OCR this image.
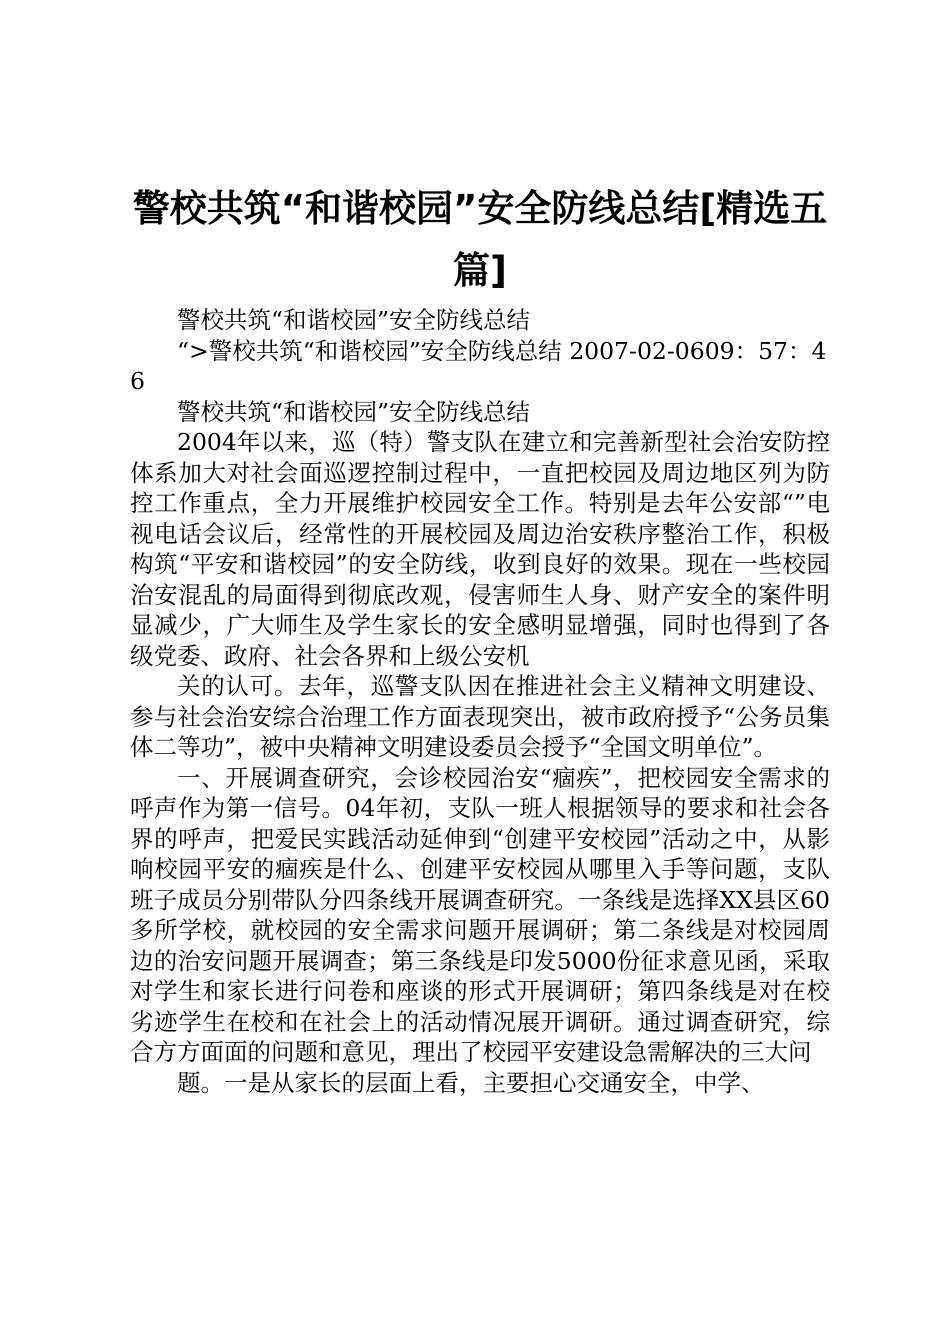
警校共筑“和谐校园”安全防线总结[精选五篇]

警校共筑“和谐校园”安全防线总结

“>警校共筑“和谐校园”安全防线总结 2007-02-0609：57：46

警校共筑“和谐校园”安全防线总结

2004年以来，巡（特）警支队在建立和完善新型社会治安防控体系加大对社会面巡逻控制过程中，一直把校园及周边地区列为防控工作重点，全力开展维护校园安全工作。特别是去年公安部“”电视电话会议后，经常性的开展校园及周边治安秩序整治工作，积极构筑“平安和谐校园”的安全防线，收到良好的效果。现在一些校园治安混乱的局面得到彻底改观，侵害师生人身、财产安全的案件明显减少，广大师生及学生家长的安全感明显增强，同时也得到了各级党委、政府、社会各界和上级公安机

关的认可。去年，巡警支队因在推进社会主义精神文明建设、参与社会治安综合治理工作方面表现突出，被市政府授予“公务员集体二等功”，被中央精神文明建设委员会授予“全国文明单位”。

一、开展调查研究，会诊校园治安“痼疾”，把校园安全需求的呼声作为第一信号。04年初，支队一班人根据领导的要求和社会各界的呼声，把爱民实践活动延伸到“创建平安校园”活动之中，从影响校园平安的痼疾是什么、创建平安校园从哪里入手等问题，支队班子成员分别带队分四条线开展调查研究。一条线是选择XX县区60多所学校，就校园的安全需求问题开展调研；第二条线是对校园周边的治安问题开展调查；第三条线是印发5000份征求意见函，采取对学生和家长进行问卷和座谈的形式开展调研；第四条线是对在校劣迹学生在校和在社会上的活动情况展开调研。通过调查研究，综合方方面面的问题和意见，理出了校园平安建设急需解决的三大问

题。一是从家长的层面上看，主要担心交通安全，中学、
